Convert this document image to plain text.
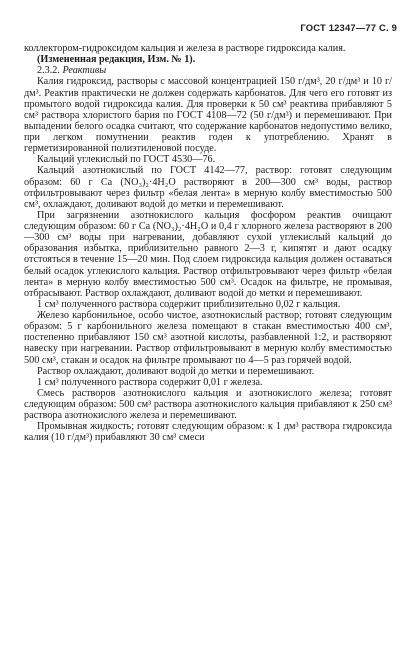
ГОСТ 12347—77 С. 9

коллектором-гидроксидом кальция и железа в растворе гидроксида калия.

(Измененная редакция, Изм. № 1).

2.3.2. Реактивы

Калия гидроксид, растворы с массовой концентрацией 150 г/дм³, 20 г/дм³ и 10 г/дм³. Реактив практически не должен содержать карбонатов. Для чего его готовят из промытого водой гидроксида калия. Для проверки к 50 см³ реактива прибавляют 5 см³ раствора хлористого бария по ГОСТ 4108—72 (50 г/дм³) и перемешивают. При выпадении белого осадка считают, что содержание карбонатов недопустимо велико, при легком помутнении реактив годен к употреблению. Хранят в герметизированной полиэтиленовой посуде.

Кальций углекислый по ГОСТ 4530—76.

Кальций азотнокислый по ГОСТ 4142—77, раствор: готовят следующим образом: 60 г Ca (NO₃)₂·4H₂O растворяют в 200—300 см³ воды, раствор отфильтровывают через фильтр «белая лента» в мерную колбу вместимостью 500 см³, охлаждают, доливают водой до метки и перемешивают.

При загрязнении азотнокислого кальция фосфором реактив очищают следующим образом: 60 г Ca (NO₃)₂·4H₂O и 0,4 г хлорного железа растворяют в 200—300 см³ воды при нагревании, добавляют сухой углекислый кальций до образования избытка, приблизительно равного 2—3 г, кипятят и дают осадку отстояться в течение 15—20 мин. Под слоем гидроксида кальция должен оставаться белый осадок углекислого кальция. Раствор отфильтровывают через фильтр «белая лента» в мерную колбу вместимостью 500 см³. Осадок на фильтре, не промывая, отбрасывают. Раствор охлаждают, доливают водой до метки и перемешивают.

1 см³ полученного раствора содержит приблизительно 0,02 г кальция.

Железо карбонильное, особо чистое, азотнокислый раствор; готовят следующим образом: 5 г карбонильного железа помещают в стакан вместимостью 400 см³, постепенно прибавляют 150 см³ азотной кислоты, разбавленной 1:2, и растворяют навеску при нагревании. Раствор отфильтровывают в мерную колбу вместимостью 500 см³, стакан и осадок на фильтре промывают по 4—5 раз горячей водой.

Раствор охлаждают, доливают водой до метки и перемешивают.

1 см³ полученного раствора содержит 0,01 г железа.

Смесь растворов азотнокислого кальция и азотнокислого железа; готовят следующим образом: 500 см³ раствора азотнокислого кальция прибавляют к 250 см³ раствора азотнокислого железа и перемешивают.

Промывная жидкость; готовят следующим образом: к 1 дм³ раствора гидроксида калия (10 г/дм³) прибавляют 30 см³ смеси
